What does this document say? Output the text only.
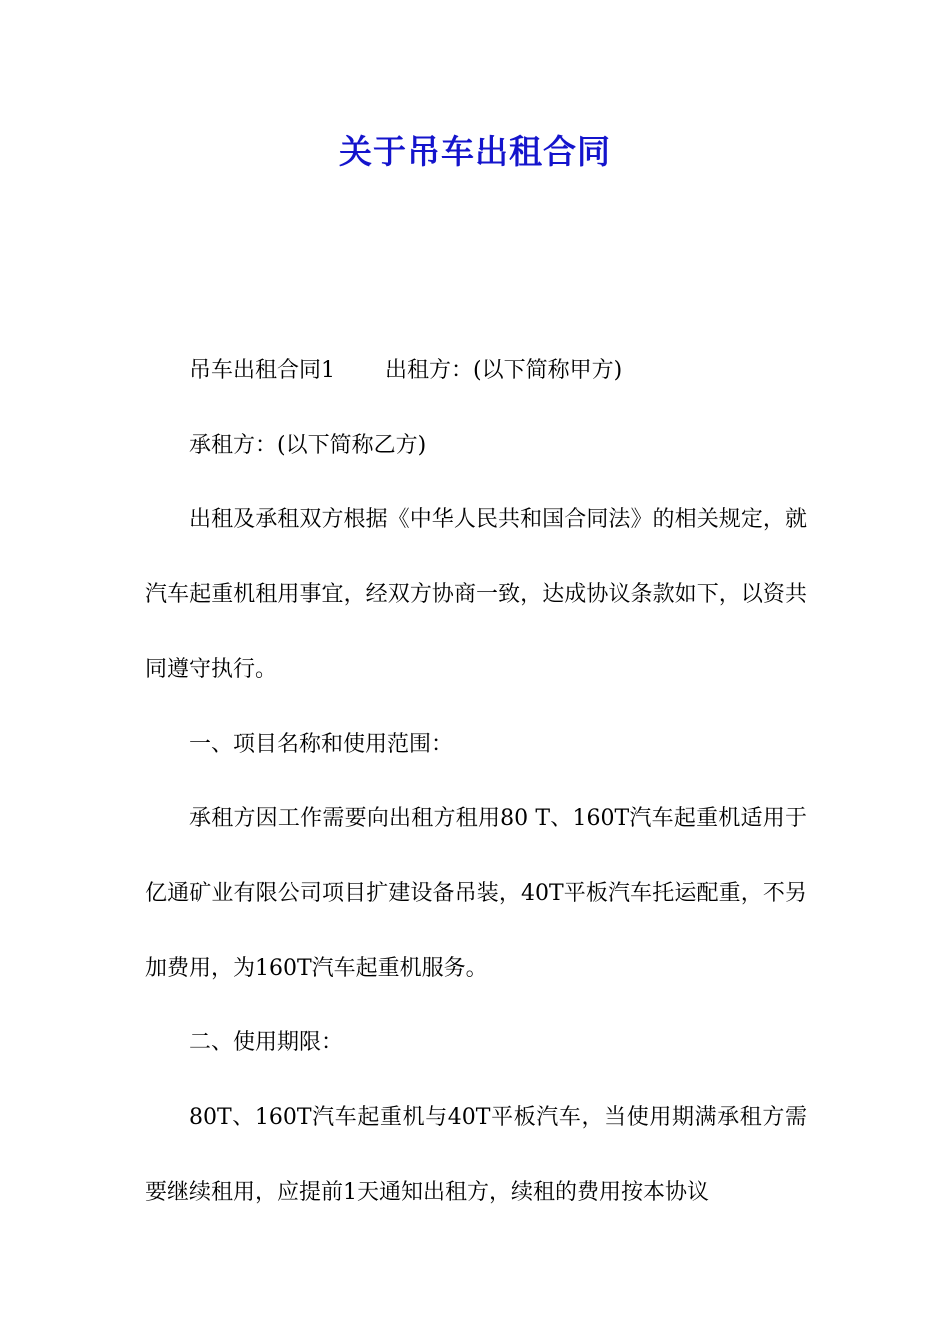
关于吊车出租合同

吊车出租合同1 出租方：(以下简称甲方)

承租方：(以下简称乙方)

出租及承租双方根据《中华人民共和国合同法》的相关规定，就汽车起重机租用事宜，经双方协商一致，达成协议条款如下，以资共同遵守执行。

一、项目名称和使用范围：

承租方因工作需要向出租方租用80 T、160T汽车起重机适用于亿通矿业有限公司项目扩建设备吊装，40T平板汽车托运配重，不另加费用，为160T汽车起重机服务。

二、使用期限：

80T、160T汽车起重机与40T平板汽车，当使用期满承租方需要继续租用，应提前1天通知出租方，续租的费用按本协议
